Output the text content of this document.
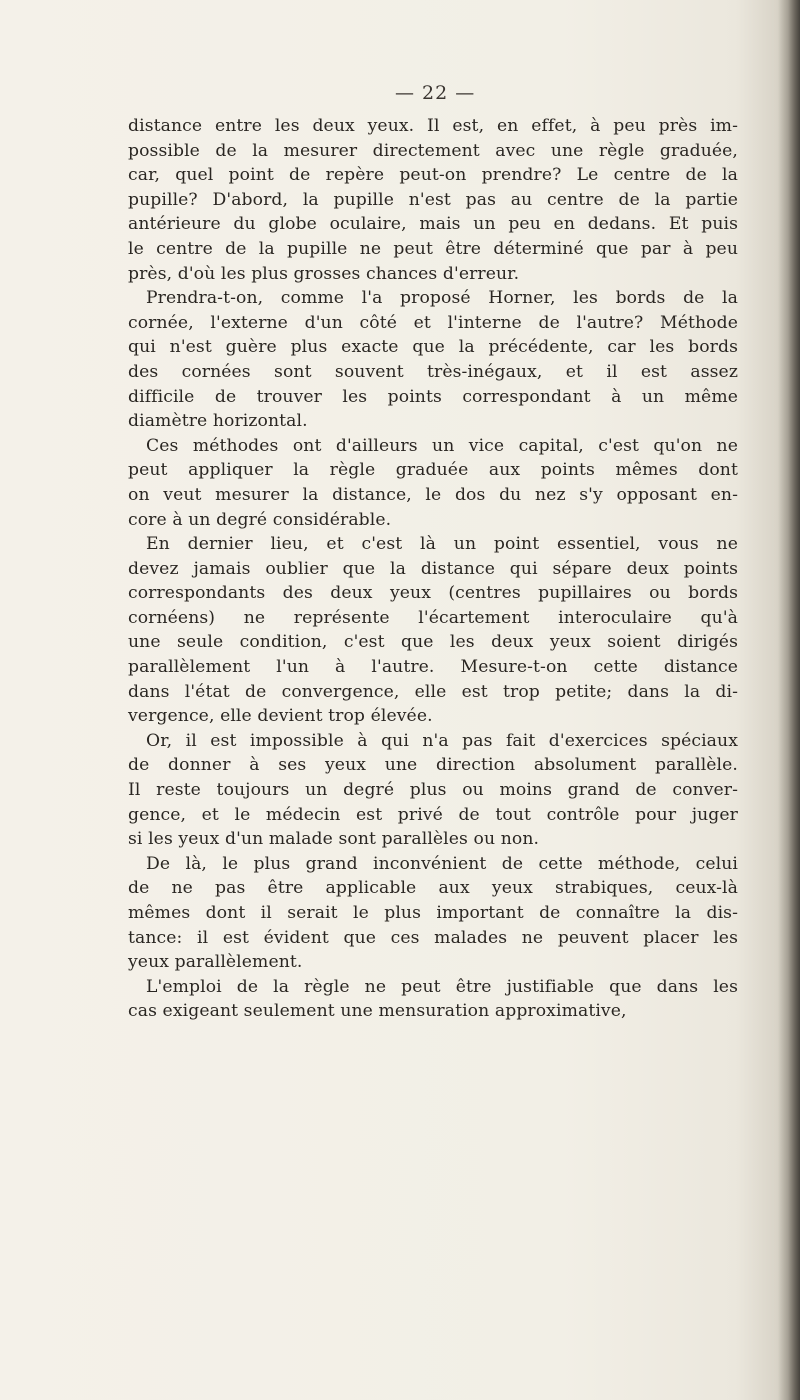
— 22 —
distance entre les deux yeux. Il est, en effet, à peu près im-
possible de la mesurer directement avec une règle graduée,
car, quel point de repère peut-on prendre? Le centre de la
pupille? D'abord, la pupille n'est pas au centre de la partie
antérieure du globe oculaire, mais un peu en dedans. Et puis
le centre de la pupille ne peut être déterminé que par à peu
près, d'où les plus grosses chances d'erreur.
Prendra-t-on, comme l'a proposé Horner, les bords de la
cornée, l'externe d'un côté et l'interne de l'autre? Méthode
qui n'est guère plus exacte que la précédente, car les bords
des cornées sont souvent très-inégaux, et il est assez
difficile de trouver les points correspondant à un même
diamètre horizontal.
Ces méthodes ont d'ailleurs un vice capital, c'est qu'on ne
peut appliquer la règle graduée aux points mêmes dont
on veut mesurer la distance, le dos du nez s'y opposant en-
core à un degré considérable.
En dernier lieu, et c'est là un point essentiel, vous ne
devez jamais oublier que la distance qui sépare deux points
correspondants des deux yeux (centres pupillaires ou bords
cornéens) ne représente l'écartement interoculaire qu'à
une seule condition, c'est que les deux yeux soient dirigés
parallèlement l'un à l'autre. Mesure-t-on cette distance
dans l'état de convergence, elle est trop petite; dans la di-
vergence, elle devient trop élevée.
Or, il est impossible à qui n'a pas fait d'exercices spéciaux
de donner à ses yeux une direction absolument parallèle.
Il reste toujours un degré plus ou moins grand de conver-
gence, et le médecin est privé de tout contrôle pour juger
si les yeux d'un malade sont parallèles ou non.
De là, le plus grand inconvénient de cette méthode, celui
de ne pas être applicable aux yeux strabiques, ceux-là
mêmes dont il serait le plus important de connaître la dis-
tance: il est évident que ces malades ne peuvent placer les
yeux parallèlement.
L'emploi de la règle ne peut être justifiable que dans les
cas exigeant seulement une mensuration approximative,
